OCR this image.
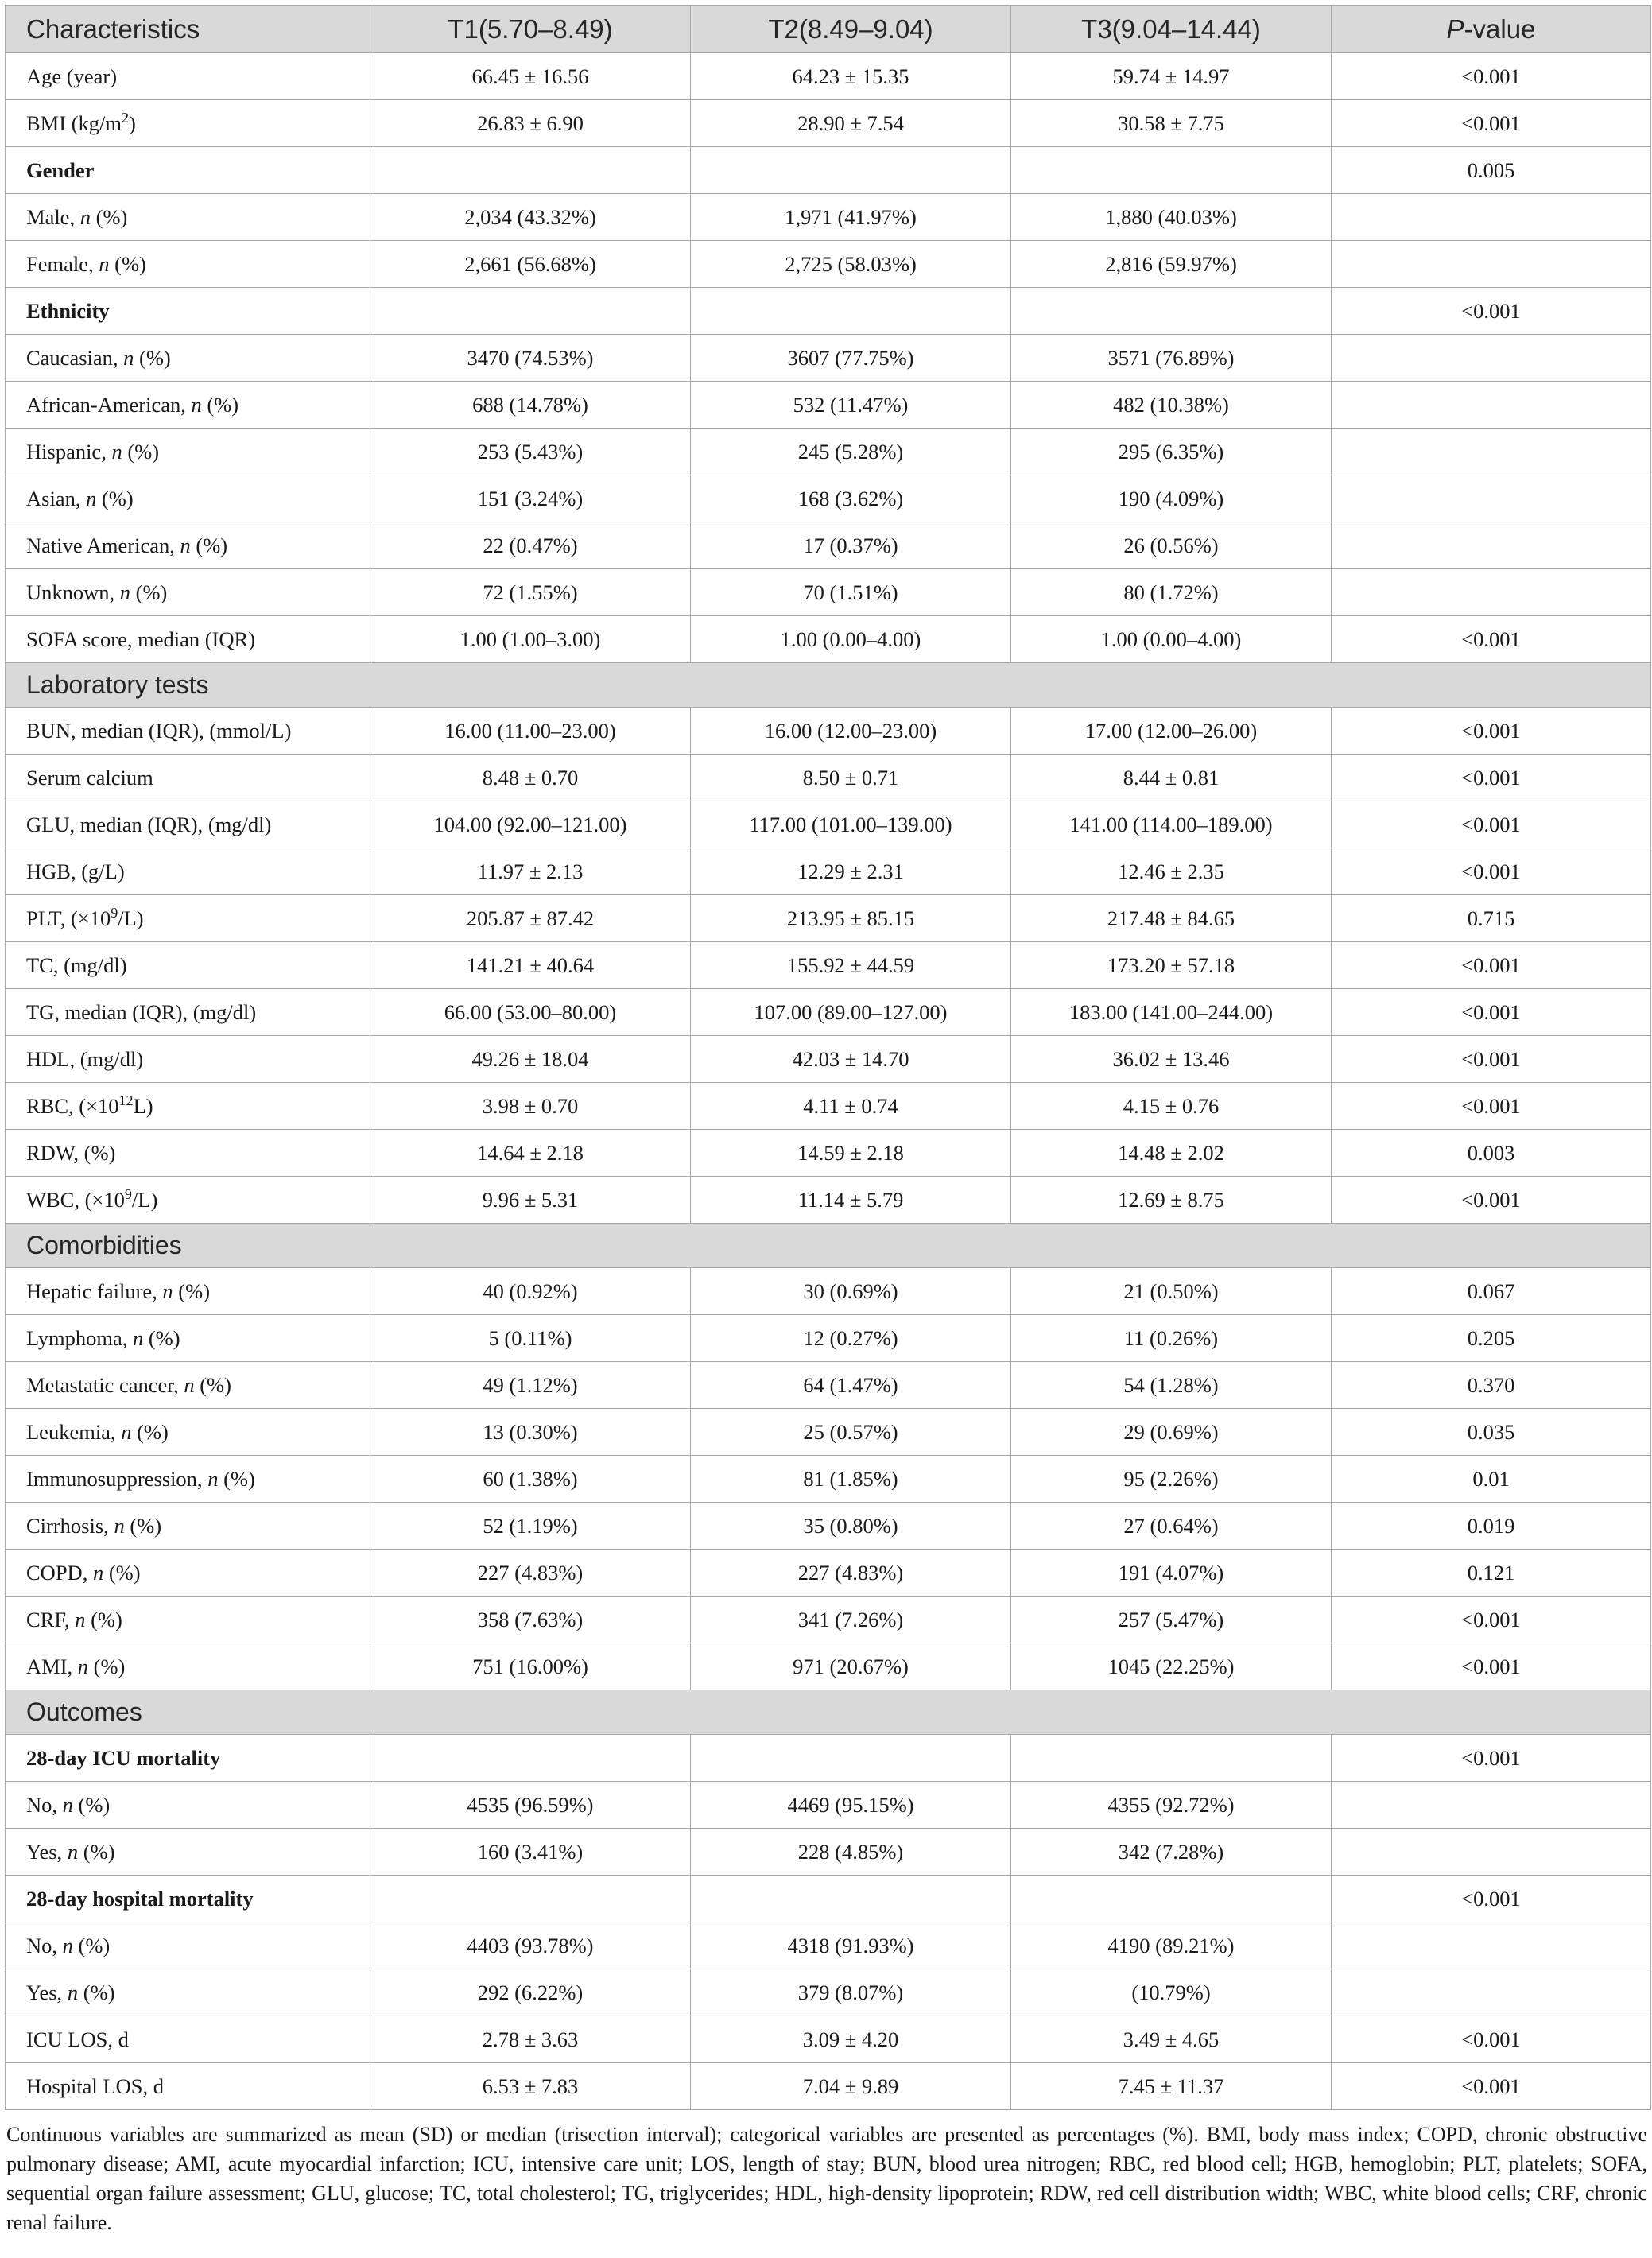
Characteristics	T1(5.70–8.49)	T2(8.49–9.04)	T3(9.04–14.44)	P-value
Age (year)	66.45 ± 16.56	64.23 ± 15.35	59.74 ± 14.97	<0.001
BMI $(kg/m^2)$	26.83 ± 6.90	28.90 ± 7.54	30.58 ± 7.75	<0.001
Gender				0.005
Male, n (%)	2,034 (43.32%)	1,971 (41.97%)	1,880 (40.03%)	
Female, n (%)	2,661 (56.68%)	2,725 (58.03%)	2,816 (59.97%)	
Ethnicity				<0.001
Caucasian, n (%)	3470 (74.53%)	3607 (77.75%)	3571 (76.89%)	
African-American, n (%)	688 (14.78%)	532 (11.47%)	482 (10.38%)	
Hispanic, n (%)	253 (5.43%)	245 (5.28%)	295 (6.35%)	
Asian, n (%)	151 (3.24%)	168 (3.62%)	190 (4.09%)	
Native American, n (%)	22 (0.47%)	17 (0.37%)	26 (0.56%)	
Unknown, n (%)	72 (1.55%)	70 (1.51%)	80 (1.72%)	
SOFA score, median (IQR)	1.00 (1.00–3.00)	1.00 (0.00–4.00)	1.00 (0.00–4.00)	<0.001
Laboratory tests				
BUN, median (IQR), (mmol/L)	16.00 (11.00–23.00)	16.00 (12.00–23.00)	17.00 (12.00–26.00)	<0.001
Serum calcium	8.48 ± 0.70	8.50 ± 0.71	8.44 ± 0.81	<0.001
GLU, median (IQR), (mg/dl)	104.00 (92.00–121.00)	117.00 (101.00–139.00)	141.00 (114.00–189.00)	<0.001
HGB, (g/L)	11.97 ± 2.13	12.29 ± 2.31	12.46 ± 2.35	<0.001
PLT, $(\times 10^9/L)$	205.87 ± 87.42	213.95 ± 85.15	217.48 ± 84.65	0.715
TC, (mg/dl)	141.21 ± 40.64	155.92 ± 44.59	173.20 ± 57.18	<0.001
TG, median (IQR), (mg/dl)	66.00 (53.00–80.00)	107.00 (89.00–127.00)	183.00 (141.00–244.00)	<0.001
HDL, (mg/dl)	49.26 ± 18.04	42.03 ± 14.70	36.02 ± 13.46	<0.001
RBC, $(\times 10^{12}L)$	3.98 ± 0.70	4.11 ± 0.74	4.15 ± 0.76	<0.001
RDW, (%)	14.64 ± 2.18	14.59 ± 2.18	14.48 ± 2.02	0.003
WBC, $(\times 10^9/L)$	9.96 ± 5.31	11.14 ± 5.79	12.69 ± 8.75	<0.001
Comorbidities				
Hepatic failure, n (%)	40 (0.92%)	30 (0.69%)	21 (0.50%)	0.067
Lymphoma, n (%)	5 (0.11%)	12 (0.27%)	11 (0.26%)	0.205
Metastatic cancer, n (%)	49 (1.12%)	64 (1.47%)	54 (1.28%)	0.370
Leukemia, n (%)	13 (0.30%)	25 (0.57%)	29 (0.69%)	0.035
Immunosuppression, n (%)	60 (1.38%)	81 (1.85%)	95 (2.26%)	0.01
Cirrhosis, n (%)	52 (1.19%)	35 (0.80%)	27 (0.64%)	0.019
COPD, n (%)	227 (4.83%)	227 (4.83%)	191 (4.07%)	0.121
CRF, n (%)	358 (7.63%)	341 (7.26%)	257 (5.47%)	<0.001
AMI, n (%)	751 (16.00%)	971 (20.67%)	1045 (22.25%)	<0.001
Outcomes				
28-day ICU mortality				<0.001
No, n (%)	4535 (96.59%)	4469 (95.15%)	4355 (92.72%)	
Yes, n (%)	160 (3.41%)	228 (4.85%)	342 (7.28%)	
28-day hospital mortality				<0.001
No, n (%)	4403 (93.78%)	4318 (91.93%)	4190 (89.21%)	
Yes, n (%)	292 (6.22%)	379 (8.07%)	(10.79%)	
ICU LOS, d	2.78 ± 3.63	3.09 ± 4.20	3.49 ± 4.65	<0.001
Hospital LOS, d	6.53 ± 7.83	7.04 ± 9.89	7.45 ± 11.37	<0.001
Continuous variables are summarized as mean (SD) or median (trisection interval); categorical variables are presented as percentages (%). BMI, body mass index; COPD, chronic obstructive pulmonary disease; AMI, acute myocardial infarction; ICU, intensive care unit; LOS, length of stay; BUN, blood urea nitrogen; RBC, red blood cell; HGB, hemoglobin; PLT, platelets; SOFA, sequential organ failure assessment; GLU, glucose; TC, total cholesterol; TG, triglycerides; HDL, high-density lipoprotein; RDW, red cell distribution width; WBC, white blood cells; CRF, chronic renal failure.
